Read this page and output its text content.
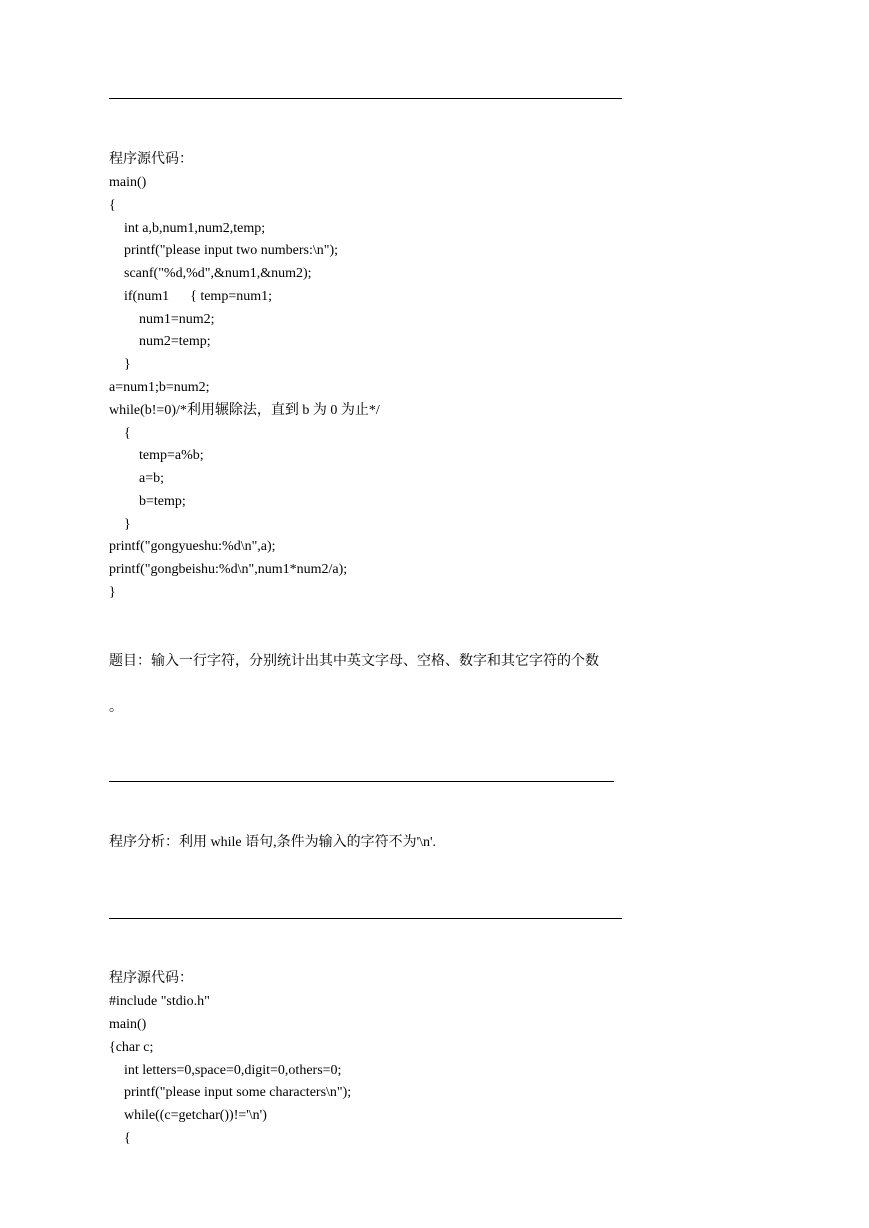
程序源代码：
main()
{
int a,b,num1,num2,temp;
printf("please input two numbers:\n");
scanf("%d,%d",&num1,&num2);
if(num1      { temp=num1;
num1=num2;
num2=temp;
}
a=num1;b=num2;
while(b!=0)/*利用辗除法，直到 b 为 0 为止*/
{
temp=a%b;
a=b;
b=temp;
}
printf("gongyueshu:%d\n",a);
printf("gongbeishu:%d\n",num1*num2/a);
}
题目：输入一行字符，分别统计出其中英文字母、空格、数字和其它字符的个数
。
程序分析：利用 while 语句,条件为输入的字符不为'\n'.
程序源代码：
#include "stdio.h"
main()
{char c;
int letters=0,space=0,digit=0,others=0;
printf("please input some characters\n");
while((c=getchar())!='\n')
{
